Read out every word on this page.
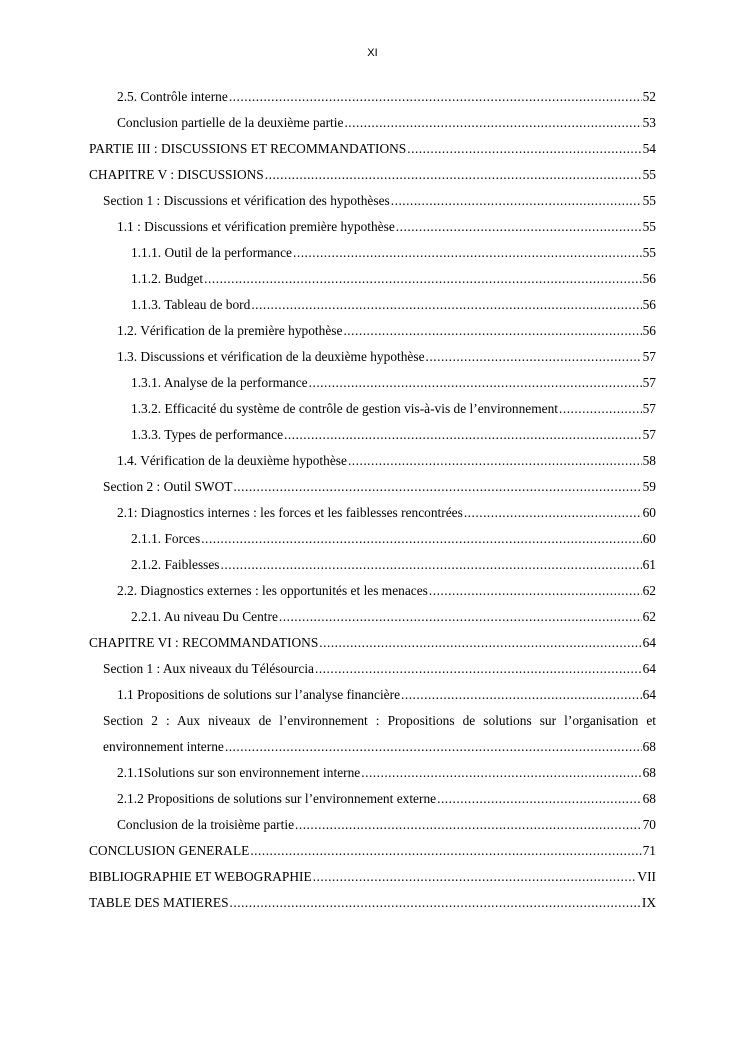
XI
2.5. Contrôle interne .....	52
Conclusion partielle de la deuxième partie .....	53
PARTIE III : DISCUSSIONS ET RECOMMANDATIONS .....	54
CHAPITRE V : DISCUSSIONS .....	55
Section 1 : Discussions et vérification des hypothèses .....	55
1.1 : Discussions et vérification première hypothèse .....	55
1.1.1. Outil de la performance .....	55
1.1.2. Budget .....	56
1.1.3. Tableau de bord .....	56
1.2. Vérification de la première hypothèse .....	56
1.3. Discussions et vérification de la deuxième hypothèse .....	57
1.3.1. Analyse de la performance .....	57
1.3.2. Efficacité du système de contrôle de gestion vis-à-vis de l’environnement .....	57
1.3.3. Types de performance .....	57
1.4. Vérification de la deuxième hypothèse .....	58
Section 2 : Outil SWOT .....	59
2.1: Diagnostics internes : les forces et les faiblesses rencontrées .....	60
2.1.1. Forces .....	60
2.1.2. Faiblesses .....	61
2.2. Diagnostics externes : les opportunités et les menaces .....	62
2.2.1. Au niveau Du Centre .....	62
CHAPITRE VI : RECOMMANDATIONS .....	64
Section 1 : Aux niveaux du Télésourcia .....	64
1.1 Propositions de solutions sur l’analyse financière .....	64
Section 2 : Aux niveaux de l’environnement : Propositions de solutions sur l’organisation et
environnement interne .....	68
2.1.1Solutions sur son environnement interne .....	68
2.1.2 Propositions de solutions sur l’environnement externe .....	68
Conclusion de la troisième partie .....	70
CONCLUSION GENERALE .....	71
BIBLIOGRAPHIE ET WEBOGRAPHIE .....	VII
TABLE DES MATIERES .....	IX
